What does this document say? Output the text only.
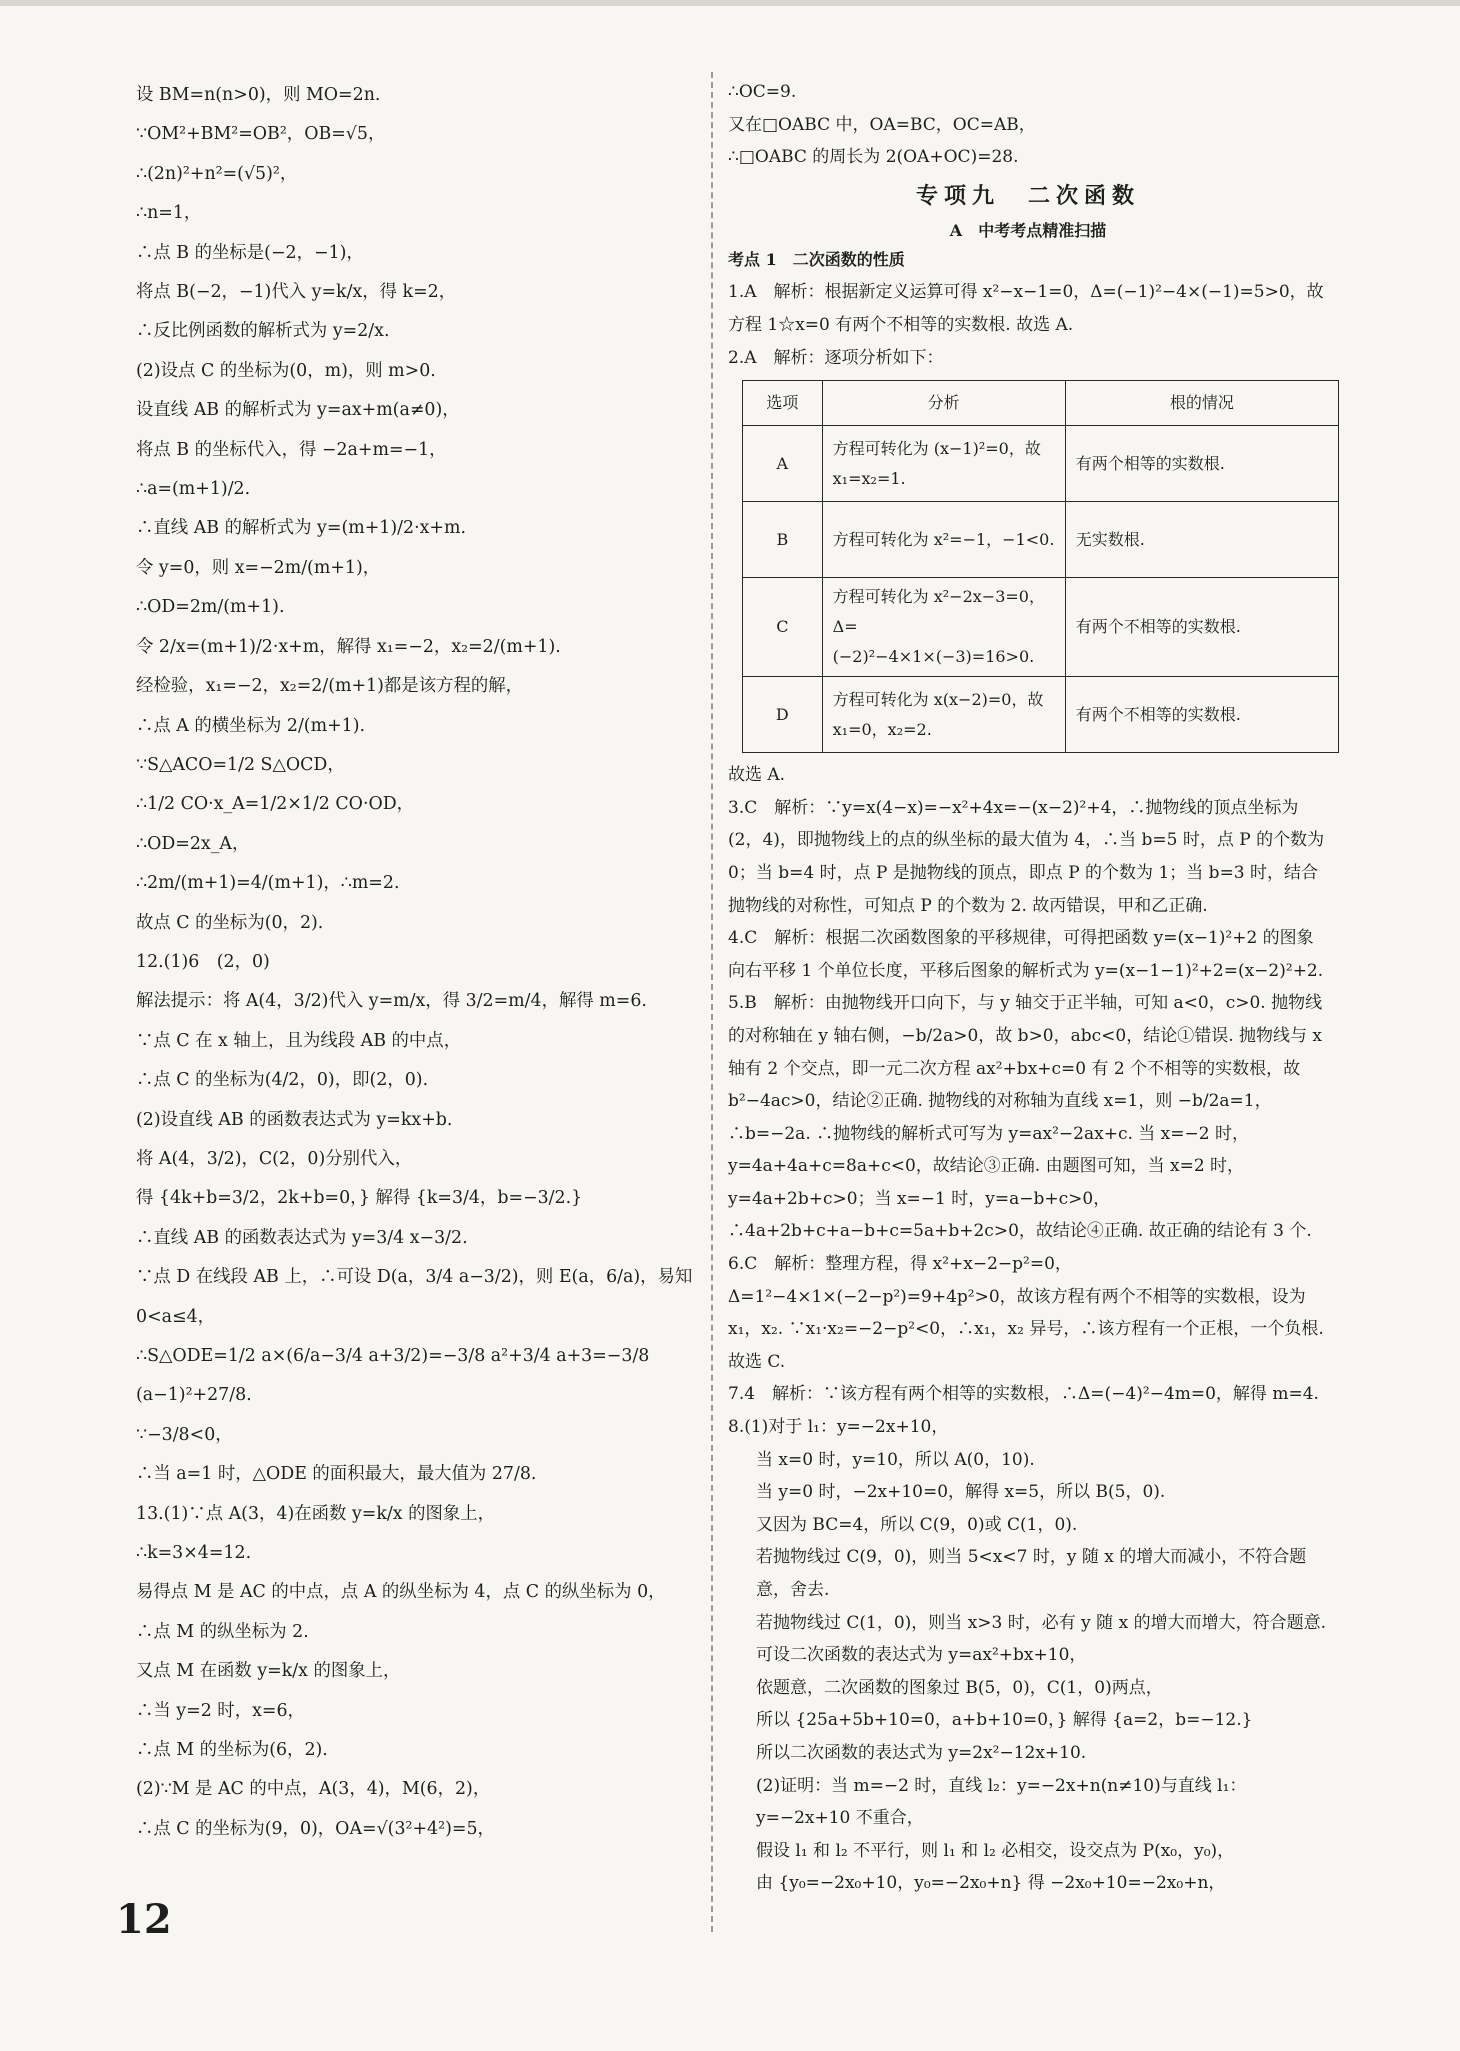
设 BM=n(n>0)，则 MO=2n.

∵OM²+BM²=OB²，OB=√5，

∴(2n)²+n²=(√5)²，

∴n=1，

∴点 B 的坐标是(−2，−1)，

将点 B(−2，−1)代入 y=k/x，得 k=2，

∴反比例函数的解析式为 y=2/x.

(2)设点 C 的坐标为(0，m)，则 m>0.

设直线 AB 的解析式为 y=ax+m(a≠0)，

将点 B 的坐标代入，得 −2a+m=−1，

∴a=(m+1)/2.

∴直线 AB 的解析式为 y=(m+1)/2·x+m.

令 y=0，则 x=−2m/(m+1)，

∴OD=2m/(m+1).

令 2/x=(m+1)/2·x+m，解得 x₁=−2，x₂=2/(m+1).

经检验，x₁=−2，x₂=2/(m+1)都是该方程的解，

∴点 A 的横坐标为 2/(m+1).

∵S△ACO=1/2 S△OCD，

∴1/2 CO·x_A=1/2×1/2 CO·OD，

∴OD=2x_A，

∴2m/(m+1)=4/(m+1)，∴m=2.

故点 C 的坐标为(0，2).

12.(1)6　(2，0)

解法提示：将 A(4，3/2)代入 y=m/x，得 3/2=m/4，解得 m=6.

∵点 C 在 x 轴上，且为线段 AB 的中点，

∴点 C 的坐标为(4/2，0)，即(2，0).

(2)设直线 AB 的函数表达式为 y=kx+b.

将 A(4，3/2)，C(2，0)分别代入，

得 {4k+b=3/2，2k+b=0，} 解得 {k=3/4，b=−3/2.}

∴直线 AB 的函数表达式为 y=3/4 x−3/2.

∵点 D 在线段 AB 上，∴可设 D(a，3/4 a−3/2)，则 E(a，6/a)，易知 0<a≤4，

∴S△ODE=1/2 a×(6/a−3/4 a+3/2)=−3/8 a²+3/4 a+3=−3/8 (a−1)²+27/8.

∵−3/8<0，

∴当 a=1 时，△ODE 的面积最大，最大值为 27/8.

13.(1)∵点 A(3，4)在函数 y=k/x 的图象上，

∴k=3×4=12.

易得点 M 是 AC 的中点，点 A 的纵坐标为 4，点 C 的纵坐标为 0，

∴点 M 的纵坐标为 2.

又点 M 在函数 y=k/x 的图象上，

∴当 y=2 时，x=6，

∴点 M 的坐标为(6，2).

(2)∵M 是 AC 的中点，A(3，4)，M(6，2)，

∴点 C 的坐标为(9，0)，OA=√(3²+4²)=5，

∴OC=9.

又在□OABC 中，OA=BC，OC=AB，

∴□OABC 的周长为 2(OA+OC)=28.

专项九　二次函数

A　中考考点精准扫描

考点 1　二次函数的性质

1.A　解析：根据新定义运算可得 x²−x−1=0，Δ=(−1)²−4×(−1)=5>0，故方程 1☆x=0 有两个不相等的实数根. 故选 A.

2.A　解析：逐项分析如下：

选项	分析	根的情况
A	方程可转化为 (x−1)²=0，故 x₁=x₂=1.	有两个相等的实数根.
B	方程可转化为 x²=−1，−1<0.	无实数根.
C	方程可转化为 x²−2x−3=0，Δ=(−2)²−4×1×(−3)=16>0.	有两个不相等的实数根.
D	方程可转化为 x(x−2)=0，故 x₁=0，x₂=2.	有两个不相等的实数根.

故选 A.

3.C　解析：∵y=x(4−x)=−x²+4x=−(x−2)²+4，∴抛物线的顶点坐标为(2，4)，即抛物线上的点的纵坐标的最大值为 4，∴当 b=5 时，点 P 的个数为 0；当 b=4 时，点 P 是抛物线的顶点，即点 P 的个数为 1；当 b=3 时，结合抛物线的对称性，可知点 P 的个数为 2. 故丙错误，甲和乙正确.

4.C　解析：根据二次函数图象的平移规律，可得把函数 y=(x−1)²+2 的图象向右平移 1 个单位长度，平移后图象的解析式为 y=(x−1−1)²+2=(x−2)²+2.

5.B　解析：由抛物线开口向下，与 y 轴交于正半轴，可知 a<0，c>0. 抛物线的对称轴在 y 轴右侧，−b/2a>0，故 b>0，abc<0，结论①错误. 抛物线与 x 轴有 2 个交点，即一元二次方程 ax²+bx+c=0 有 2 个不相等的实数根，故 b²−4ac>0，结论②正确. 抛物线的对称轴为直线 x=1，则 −b/2a=1，∴b=−2a. ∴抛物线的解析式可写为 y=ax²−2ax+c. 当 x=−2 时，y=4a+4a+c=8a+c<0，故结论③正确. 由题图可知，当 x=2 时，y=4a+2b+c>0；当 x=−1 时，y=a−b+c>0，∴4a+2b+c+a−b+c=5a+b+2c>0，故结论④正确. 故正确的结论有 3 个.

6.C　解析：整理方程，得 x²+x−2−p²=0，Δ=1²−4×1×(−2−p²)=9+4p²>0，故该方程有两个不相等的实数根，设为 x₁，x₂. ∵x₁·x₂=−2−p²<0，∴x₁，x₂ 异号，∴该方程有一个正根，一个负根. 故选 C.

7.4　解析：∵该方程有两个相等的实数根，∴Δ=(−4)²−4m=0，解得 m=4.

8.(1)对于 l₁：y=−2x+10，

当 x=0 时，y=10，所以 A(0，10).

当 y=0 时，−2x+10=0，解得 x=5，所以 B(5，0).

又因为 BC=4，所以 C(9，0)或 C(1，0).

若抛物线过 C(9，0)，则当 5<x<7 时，y 随 x 的增大而减小，不符合题意，舍去.

若抛物线过 C(1，0)，则当 x>3 时，必有 y 随 x 的增大而增大，符合题意.

可设二次函数的表达式为 y=ax²+bx+10，

依题意，二次函数的图象过 B(5，0)，C(1，0)两点，

所以 {25a+5b+10=0，a+b+10=0，} 解得 {a=2，b=−12.}

所以二次函数的表达式为 y=2x²−12x+10.

(2)证明：当 m=−2 时，直线 l₂：y=−2x+n(n≠10)与直线 l₁：y=−2x+10 不重合，

假设 l₁ 和 l₂ 不平行，则 l₁ 和 l₂ 必相交，设交点为 P(x₀，y₀)，

由 {y₀=−2x₀+10，y₀=−2x₀+n} 得 −2x₀+10=−2x₀+n，

12
